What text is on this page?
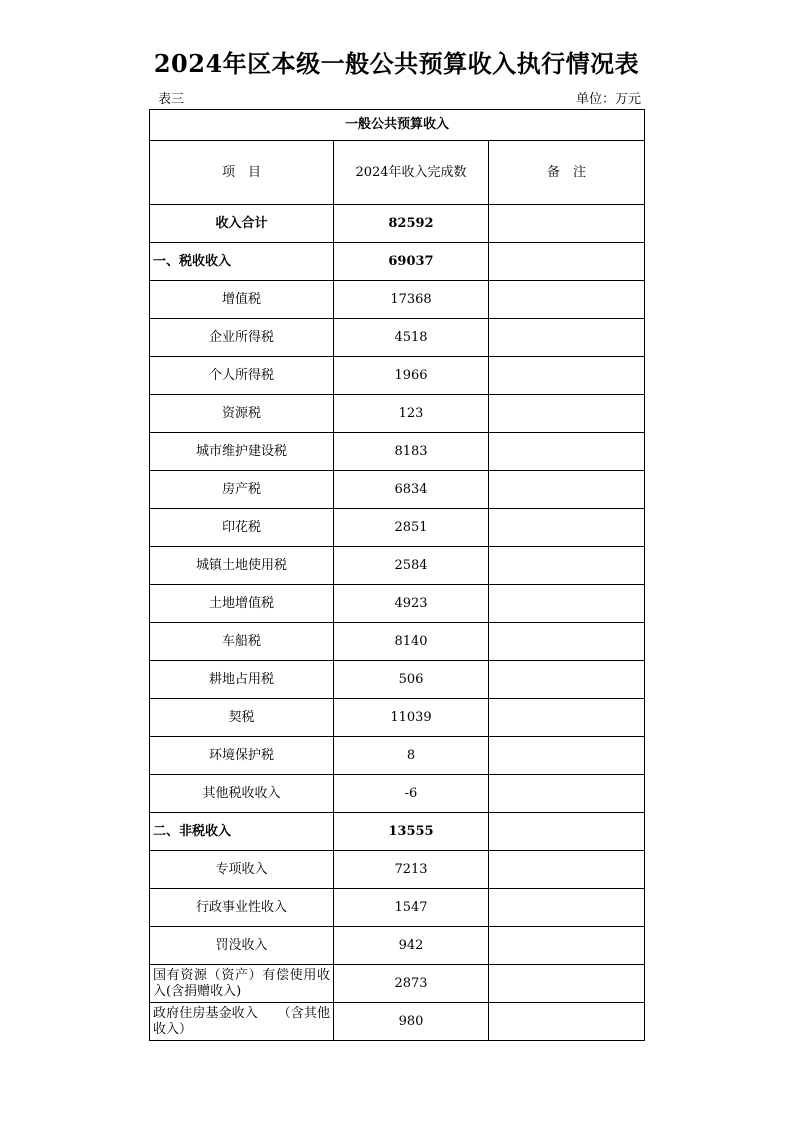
2024年区本级一般公共预算收入执行情况表
表三	单位：万元
一般公共预算收入		
项　目	2024年收入完成数	备　注
收入合计	82592	
一、税收收入	69037	
增值税	17368	
企业所得税	4518	
个人所得税	1966	
资源税	123	
城市维护建设税	8183	
房产税	6834	
印花税	2851	
城镇土地使用税	2584	
土地增值税	4923	
车船税	8140	
耕地占用税	506	
契税	11039	
环境保护税	8	
其他税收收入	-6	
二、非税收入	13555	
专项收入	7213	
行政事业性收入	1547	
罚没收入	942	
国有资源（资产）有偿使用收入(含捐赠收入)	2873	
政府住房基金收入　　（含其他收入）	980	
